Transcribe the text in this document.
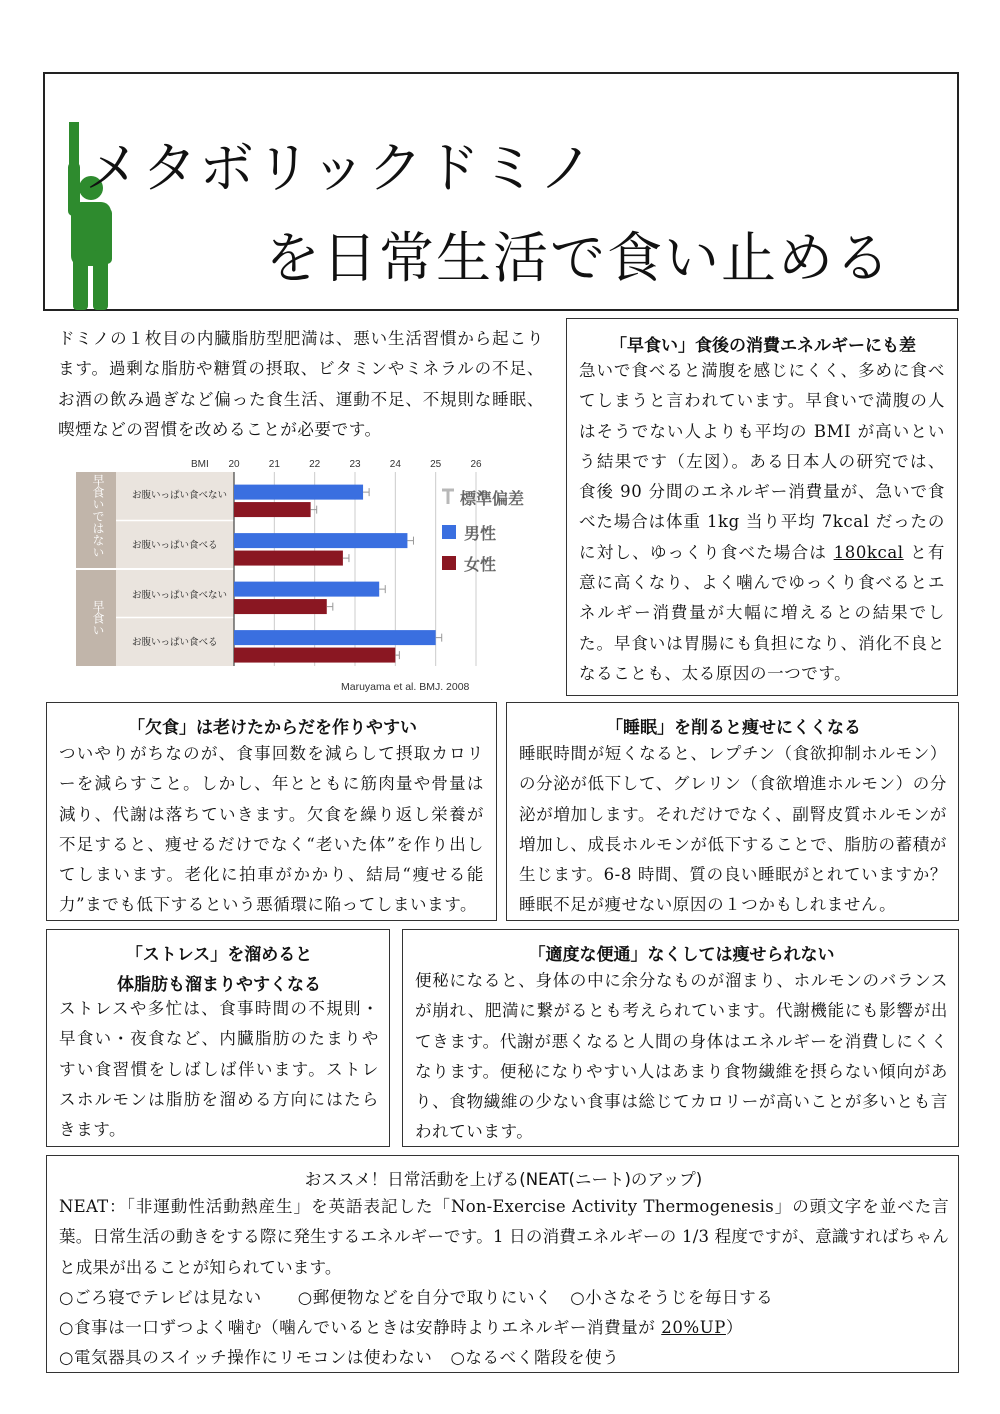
メタボリックドミノ
を日常生活で食い止める
ドミノの１枚目の内臓脂肪型肥満は、悪い生活習慣から起こります。過剰な脂肪や糖質の摂取、ビタミンやミネラルの不足、お酒の飲み過ぎなど偏った食生活、運動不足、不規則な睡眠、喫煙などの習慣を改めることが必要です。
BMI
早食いではない
早食い
お腹いっぱい食べない
お腹いっぱい食べる
お腹いっぱい食べない
お腹いっぱい食べる
標準偏差
男性
女性
Maruyama et al. BMJ. 2008
20	21	22	23	24	25	26
「早食い」食後の消費エネルギーにも差
急いで食べると満腹を感じにくく、多めに食べてしまうと言われています。早食いで満腹の人はそうでない人よりも平均の BMI が高いという結果です（左図）。ある日本人の研究では、食後 90 分間のエネルギー消費量が、急いで食べた場合は体重 1kg 当り平均 7kcal だったのに対し、ゆっくり食べた場合は 180kcal と有意に高くなり、よく噛んでゆっくり食べるとエネルギー消費量が大幅に増えるとの結果でした。早食いは胃腸にも負担になり、消化不良となることも、太る原因の一つです。
「欠食」は老けたからだを作りやすい
ついやりがちなのが、食事回数を減らして摂取カロリーを減らすこと。しかし、年とともに筋肉量や骨量は減り、代謝は落ちていきます。欠食を繰り返し栄養が不足すると、痩せるだけでなく“老いた体”を作り出してしまいます。老化に拍車がかかり、結局“痩せる能力”までも低下するという悪循環に陥ってしまいます。
「睡眠」を削ると痩せにくくなる
睡眠時間が短くなると、レプチン（食欲抑制ホルモン）の分泌が低下して、グレリン（食欲増進ホルモン）の分泌が増加します。それだけでなく、副腎皮質ホルモンが増加し、成長ホルモンが低下することで、脂肪の蓄積が生じます。6-8 時間、質の良い睡眠がとれていますか？睡眠不足が痩せない原因の１つかもしれません。
「ストレス」を溜めると
体脂肪も溜まりやすくなる
ストレスや多忙は、食事時間の不規則・早食い・夜食など、内臓脂肪のたまりやすい食習慣をしばしば伴います。ストレスホルモンは脂肪を溜める方向にはたらきます。
「適度な便通」なくしては痩せられない
便秘になると、身体の中に余分なものが溜まり、ホルモンのバランスが崩れ、肥満に繋がるとも考えられています。代謝機能にも影響が出てきます。代謝が悪くなると人間の身体はエネルギーを消費しにくくなります。便秘になりやすい人はあまり食物繊維を摂らない傾向があり、食物繊維の少ない食事は総じてカロリーが高いことが多いとも言われています。
おススメ！日常活動を上げる(NEAT(ニート)のアップ)
NEAT：「非運動性活動熱産生」を英語表記した「Non-Exercise Activity Thermogenesis」の頭文字を並べた言葉。日常生活の動きをする際に発生するエネルギーです。1 日の消費エネルギーの 1/3 程度ですが、意識すればちゃんと成果が出ることが知られています。
○ごろ寝でテレビは見ない ○郵便物などを自分で取りにいく ○小さなそうじを毎日する
○食事は一口ずつよく噛む（噛んでいるときは安静時よりエネルギー消費量が 20%UP）
○電気器具のスイッチ操作にリモコンは使わない ○なるべく階段を使う
